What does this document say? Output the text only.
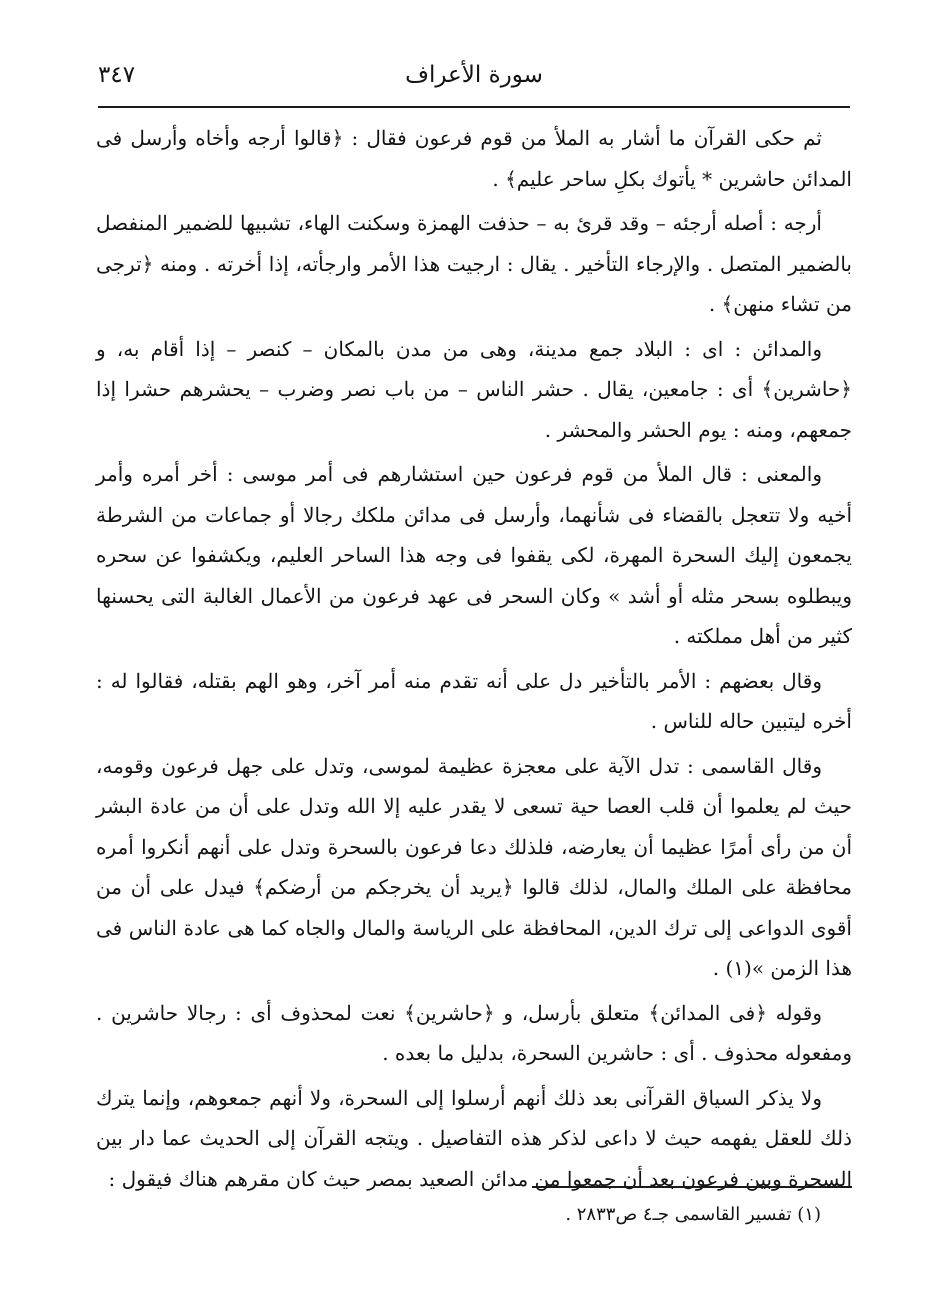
سورة الأعراف
٣٤٧

ثم حكى القرآن ما أشار به الملأ من قوم فرعون فقال : ﴿قالوا أرجه وأخاه وأرسل فى المدائن حاشرين * يأتوك بكلِ ساحر عليم﴾ .

أرجه : أصله أرجئه – وقد قرئ به – حذفت الهمزة وسكنت الهاء، تشبيها للضمير المنفصل بالضمير المتصل . والإرجاء التأخير . يقال : ارجيت هذا الأمر وارجأته، إذا أخرته . ومنه ﴿ترجى من تشاء منهن﴾ .

والمدائن : اى : البلاد جمع مدينة، وهى من مدن بالمكان – كنصر – إذا أقام به، و ﴿حاشرين﴾ أى : جامعين، يقال . حشر الناس – من باب نصر وضرب – يحشرهم حشرا إذا جمعهم، ومنه : يوم الحشر والمحشر .

والمعنى : قال الملأ من قوم فرعون حين استشارهم فى أمر موسى : أخر أمره وأمر أخيه ولا تتعجل بالقضاء فى شأنهما، وأرسل فى مدائن ملكك رجالا أو جماعات من الشرطة يجمعون إليك السحرة المهرة، لكى يقفوا فى وجه هذا الساحر العليم، ويكشفوا عن سحره ويبطلوه بسحر مثله أو أشد » وكان السحر فى عهد فرعون من الأعمال الغالبة التى يحسنها كثير من أهل مملكته .

وقال بعضهم : الأمر بالتأخير دل على أنه تقدم منه أمر آخر، وهو الهم بقتله، فقالوا له : أخره ليتبين حاله للناس .

وقال القاسمى : تدل الآية على معجزة عظيمة لموسى، وتدل على جهل فرعون وقومه، حيث لم يعلموا أن قلب العصا حية تسعى لا يقدر عليه إلا الله وتدل على أن من عادة البشر أن من رأى أمرًا عظيما أن يعارضه، فلذلك دعا فرعون بالسحرة وتدل على أنهم أنكروا أمره محافظة على الملك والمال، لذلك قالوا ﴿يريد أن يخرجكم من أرضكم﴾ فيدل على أن من أقوى الدواعى إلى ترك الدين، المحافظة على الرياسة والمال والجاه كما هى عادة الناس فى هذا الزمن »(١) .

وقوله ﴿فى المدائن﴾ متعلق بأرسل، و ﴿حاشرين﴾ نعت لمحذوف أى : رجالا حاشرين . ومفعوله محذوف . أى : حاشرين السحرة، بدليل ما بعده .

ولا يذكر السياق القرآنى بعد ذلك أنهم أرسلوا إلى السحرة، ولا أنهم جمعوهم، وإنما يترك ذلك للعقل يفهمه حيث لا داعى لذكر هذه التفاصيل . ويتجه القرآن إلى الحديث عما دار بين السحرة وبين فرعون بعد أن جمعوا من مدائن الصعيد بمصر حيث كان مقرهم هناك فيقول :

(١) تفسير القاسمى جـ٤ ص٢٨٣٣ .
